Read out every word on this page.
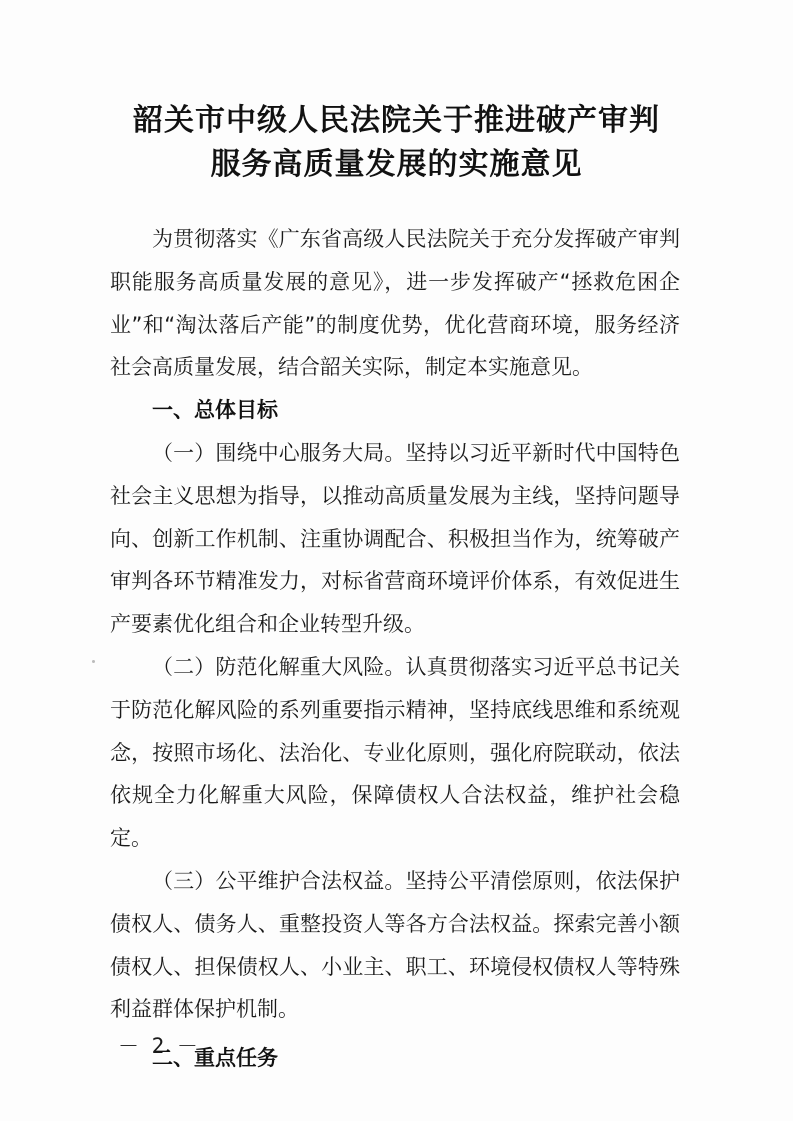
韶关市中级人民法院关于推进破产审判
服务高质量发展的实施意见

为贯彻落实《广东省高级人民法院关于充分发挥破产审判职能服务高质量发展的意见》，进一步发挥破产“拯救危困企业”和“淘汰落后产能”的制度优势，优化营商环境，服务经济社会高质量发展，结合韶关实际，制定本实施意见。

一、总体目标

（一）围绕中心服务大局。坚持以习近平新时代中国特色社会主义思想为指导，以推动高质量发展为主线，坚持问题导向、创新工作机制、注重协调配合、积极担当作为，统筹破产审判各环节精准发力，对标省营商环境评价体系，有效促进生产要素优化组合和企业转型升级。

（二）防范化解重大风险。认真贯彻落实习近平总书记关于防范化解风险的系列重要指示精神，坚持底线思维和系统观念，按照市场化、法治化、专业化原则，强化府院联动，依法依规全力化解重大风险，保障债权人合法权益，维护社会稳定。

（三）公平维护合法权益。坚持公平清偿原则，依法保护债权人、债务人、重整投资人等各方合法权益。探索完善小额债权人、担保债权人、小业主、职工、环境侵权债权人等特殊利益群体保护机制。

二、重点任务

－ 2 －
